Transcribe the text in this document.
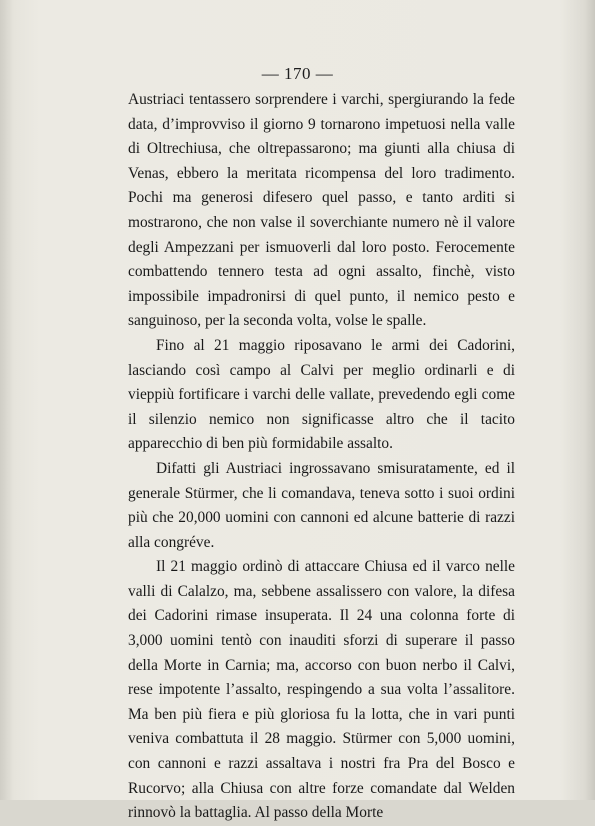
— 170 —

Austriaci tentassero sorprendere i varchi, spergiurando la fede data, d’improvviso il giorno 9 tornarono impetuosi nella valle di Oltrechiusa, che oltrepassarono; ma giunti alla chiusa di Venas, ebbero la meritata ricompensa del loro tradimento. Pochi ma generosi difesero quel passo, e tanto arditi si mostrarono, che non valse il soverchiante numero nè il valore degli Ampezzani per ismuoverli dal loro posto. Ferocemente combattendo tennero testa ad ogni assalto, finchè, visto impossibile impadronirsi di quel punto, il nemico pesto e sanguinoso, per la seconda volta, volse le spalle.

Fino al 21 maggio riposavano le armi dei Cadorini, lasciando così campo al Calvi per meglio ordinarli e di vieppiù fortificare i varchi delle vallate, prevedendo egli come il silenzio nemico non significasse altro che il tacito apparecchio di ben più formidabile assalto.

Difatti gli Austriaci ingrossavano smisuratamente, ed il generale Stürmer, che li comandava, teneva sotto i suoi ordini più che 20,000 uomini con cannoni ed alcune batterie di razzi alla congréve.

Il 21 maggio ordinò di attaccare Chiusa ed il varco nelle valli di Calalzo, ma, sebbene assalissero con valore, la difesa dei Cadorini rimase insuperata. Il 24 una colonna forte di 3,000 uomini tentò con inauditi sforzi di superare il passo della Morte in Carnia; ma, accorso con buon nerbo il Calvi, rese impotente l’assalto, respingendo a sua volta l’assalitore. Ma ben più fiera e più gloriosa fu la lotta, che in vari punti veniva combattuta il 28 maggio. Stürmer con 5,000 uomini, con cannoni e razzi assaltava i nostri fra Pra del Bosco e Rucorvo; alla Chiusa con altre forze comandate dal Welden rinnovò la battaglia. Al passo della Morte
